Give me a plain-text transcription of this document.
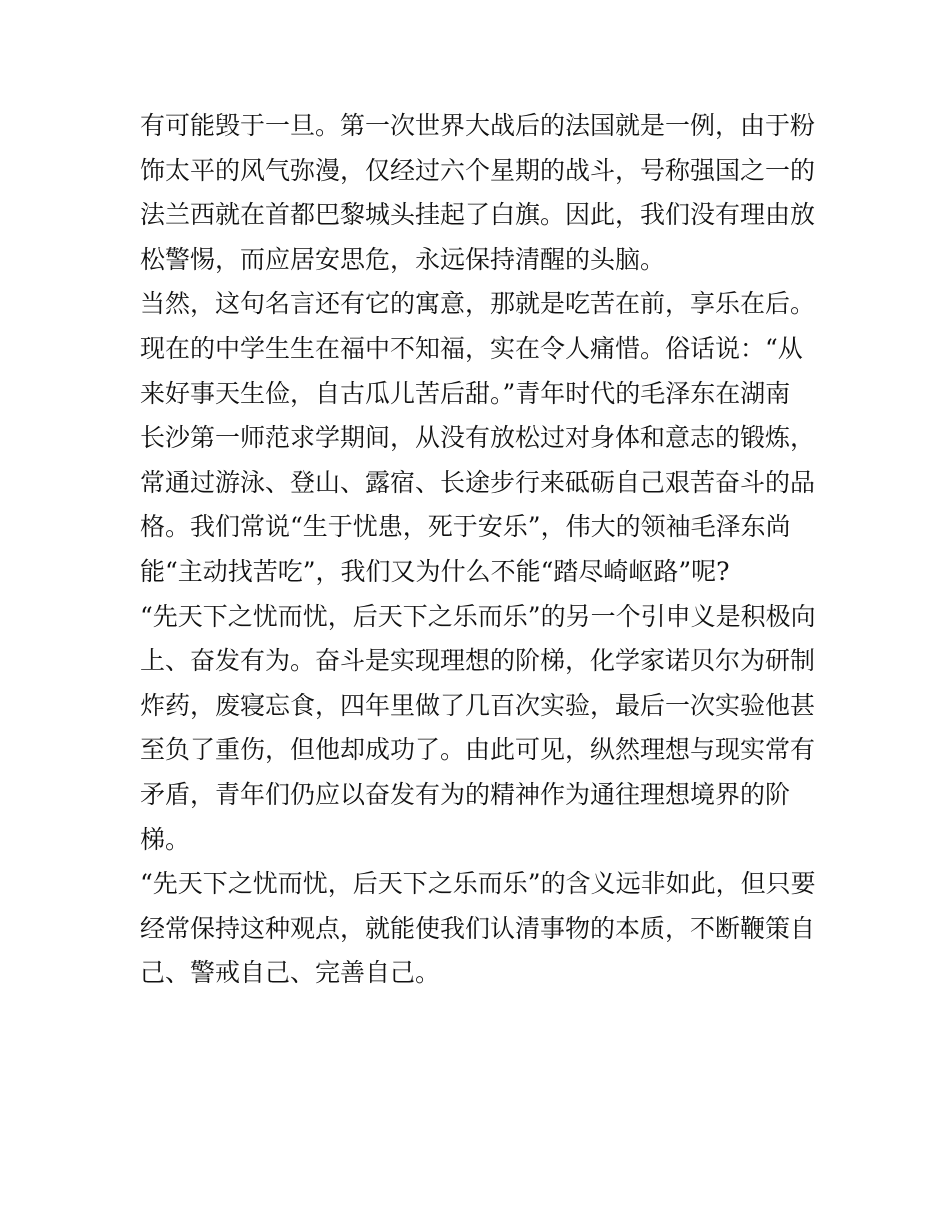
有可能毁于一旦。第一次世界大战后的法国就是一例，由于粉
饰太平的风气弥漫，仅经过六个星期的战斗，号称强国之一的
法兰西就在首都巴黎城头挂起了白旗。因此，我们没有理由放
松警惕，而应居安思危，永远保持清醒的头脑。
当然，这句名言还有它的寓意，那就是吃苦在前，享乐在后。
现在的中学生生在福中不知福，实在令人痛惜。俗话说：“从
来好事天生俭，自古瓜儿苦后甜。”青年时代的毛泽东在湖南
长沙第一师范求学期间，从没有放松过对身体和意志的锻炼，
常通过游泳、登山、露宿、长途步行来砥砺自己艰苦奋斗的品
格。我们常说“生于忧患，死于安乐”，伟大的领袖毛泽东尚
能“主动找苦吃”，我们又为什么不能“踏尽崎岖路”呢?
“先天下之忧而忧，后天下之乐而乐”的另一个引申义是积极向
上、奋发有为。奋斗是实现理想的阶梯，化学家诺贝尔为研制
炸药，废寝忘食，四年里做了几百次实验，最后一次实验他甚
至负了重伤，但他却成功了。由此可见，纵然理想与现实常有
矛盾，青年们仍应以奋发有为的精神作为通往理想境界的阶
梯。
“先天下之忧而忧，后天下之乐而乐”的含义远非如此，但只要
经常保持这种观点，就能使我们认清事物的本质，不断鞭策自
己、警戒自己、完善自己。
